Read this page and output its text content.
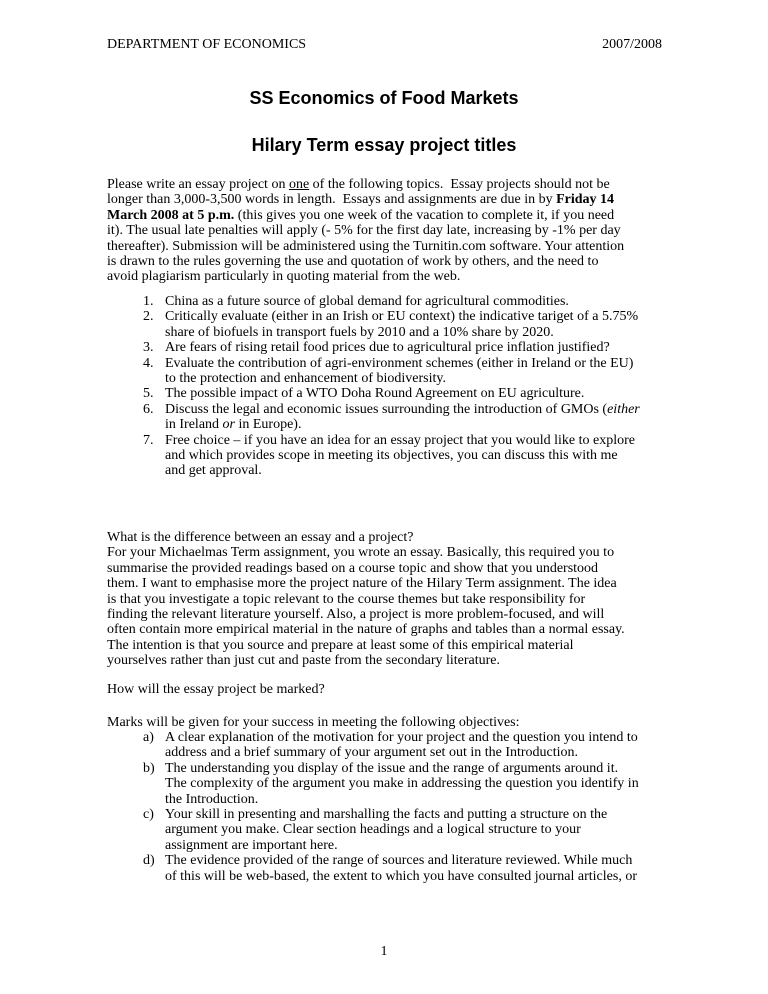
DEPARTMENT OF ECONOMICS	2007/2008
SS Economics of Food Markets
Hilary Term essay project titles
Please write an essay project on one of the following topics.  Essay projects should not be
longer than 3,000-3,500 words in length.  Essays and assignments are due in by Friday 14
March 2008 at 5 p.m. (this gives you one week of the vacation to complete it, if you need
it). The usual late penalties will apply (- 5% for the first day late, increasing by -1% per day
thereafter). Submission will be administered using the Turnitin.com software. Your attention
is drawn to the rules governing the use and quotation of work by others, and the need to
avoid plagiarism particularly in quoting material from the web.
1. China as a future source of global demand for agricultural commodities.
2. Critically evaluate (either in an Irish or EU context) the indicative tariget of a 5.75%
share of biofuels in transport fuels by 2010 and a 10% share by 2020.
3. Are fears of rising retail food prices due to agricultural price inflation justified?
4. Evaluate the contribution of agri-environment schemes (either in Ireland or the EU)
to the protection and enhancement of biodiversity.
5. The possible impact of a WTO Doha Round Agreement on EU agriculture.
6. Discuss the legal and economic issues surrounding the introduction of GMOs (either
in Ireland or in Europe).
7. Free choice – if you have an idea for an essay project that you would like to explore
and which provides scope in meeting its objectives, you can discuss this with me
and get approval.
What is the difference between an essay and a project?
For your Michaelmas Term assignment, you wrote an essay. Basically, this required you to
summarise the provided readings based on a course topic and show that you understood
them. I want to emphasise more the project nature of the Hilary Term assignment. The idea
is that you investigate a topic relevant to the course themes but take responsibility for
finding the relevant literature yourself. Also, a project is more problem-focused, and will
often contain more empirical material in the nature of graphs and tables than a normal essay.
The intention is that you source and prepare at least some of this empirical material
yourselves rather than just cut and paste from the secondary literature.
How will the essay project be marked?
Marks will be given for your success in meeting the following objectives:
a) A clear explanation of the motivation for your project and the question you intend to
address and a brief summary of your argument set out in the Introduction.
b) The understanding you display of the issue and the range of arguments around it.
The complexity of the argument you make in addressing the question you identify in
the Introduction.
c) Your skill in presenting and marshalling the facts and putting a structure on the
argument you make. Clear section headings and a logical structure to your
assignment are important here.
d) The evidence provided of the range of sources and literature reviewed. While much
of this will be web-based, the extent to which you have consulted journal articles, or
1
